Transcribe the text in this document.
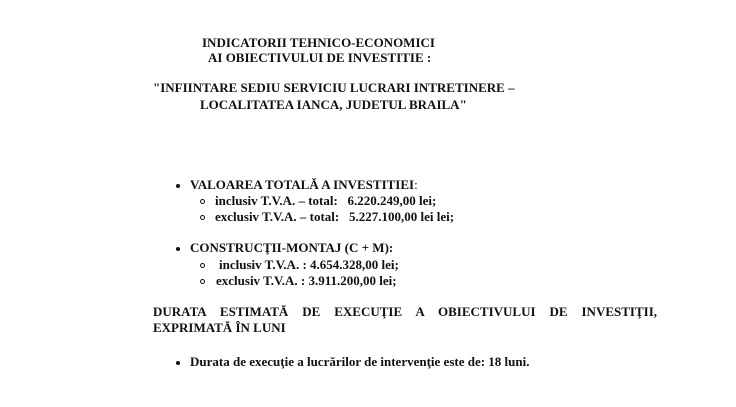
INDICATORII TEHNICO-ECONOMICI
AI OBIECTIVULUI DE INVESTITIE :
"INFIINTARE SEDIU SERVICIU LUCRARI INTRETINERE –
LOCALITATEA IANCA, JUDETUL BRAILA"
VALOAREA TOTALĂ A INVESTITIEI:
inclusiv T.V.A. – total: 6.220.249,00 lei;
exclusiv T.V.A. – total: 5.227.100,00 lei lei;
CONSTRUCŢII-MONTAJ (C + M):
inclusiv T.V.A. : 4.654.328,00 lei;
exclusiv T.V.A. : 3.911.200,00 lei;
DURATA ESTIMATĂ DE EXECUŢIE A OBIECTIVULUI DE INVESTIŢII,
EXPRIMATĂ ÎN LUNI
Durata de execuţie a lucrărilor de intervenţie este de: 18 luni.
